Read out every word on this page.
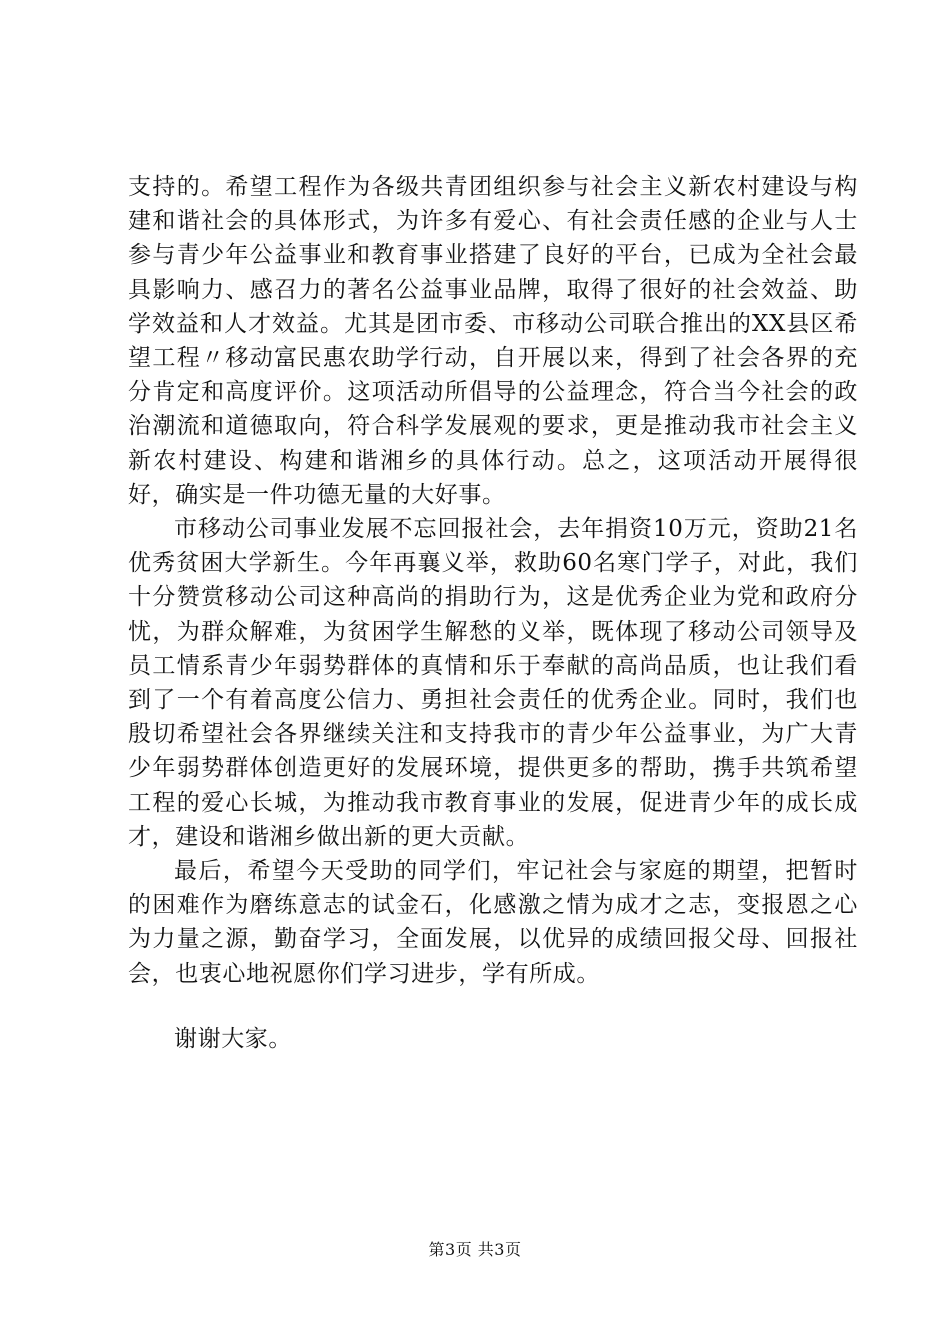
支持的。希望工程作为各级共青团组织参与社会主义新农村建设与构建和谐社会的具体形式，为许多有爱心、有社会责任感的企业与人士参与青少年公益事业和教育事业搭建了良好的平台，已成为全社会最具影响力、感召力的著名公益事业品牌，取得了很好的社会效益、助学效益和人才效益。尤其是团市委、市移动公司联合推出的XX县区希望工程〃移动富民惠农助学行动，自开展以来，得到了社会各界的充分肯定和高度评价。这项活动所倡导的公益理念，符合当今社会的政治潮流和道德取向，符合科学发展观的要求，更是推动我市社会主义新农村建设、构建和谐湘乡的具体行动。总之，这项活动开展得很好，确实是一件功德无量的大好事。

市移动公司事业发展不忘回报社会，去年捐资10万元，资助21名优秀贫困大学新生。今年再襄义举，救助60名寒门学子，对此，我们十分赞赏移动公司这种高尚的捐助行为，这是优秀企业为党和政府分忧，为群众解难，为贫困学生解愁的义举，既体现了移动公司领导及员工情系青少年弱势群体的真情和乐于奉献的高尚品质，也让我们看到了一个有着高度公信力、勇担社会责任的优秀企业。同时，我们也殷切希望社会各界继续关注和支持我市的青少年公益事业，为广大青少年弱势群体创造更好的发展环境，提供更多的帮助，携手共筑希望工程的爱心长城，为推动我市教育事业的发展，促进青少年的成长成才，建设和谐湘乡做出新的更大贡献。

最后，希望今天受助的同学们，牢记社会与家庭的期望，把暂时的困难作为磨练意志的试金石，化感激之情为成才之志，变报恩之心为力量之源，勤奋学习，全面发展，以优异的成绩回报父母、回报社会，也衷心地祝愿你们学习进步，学有所成。

谢谢大家。

第3页 共3页
